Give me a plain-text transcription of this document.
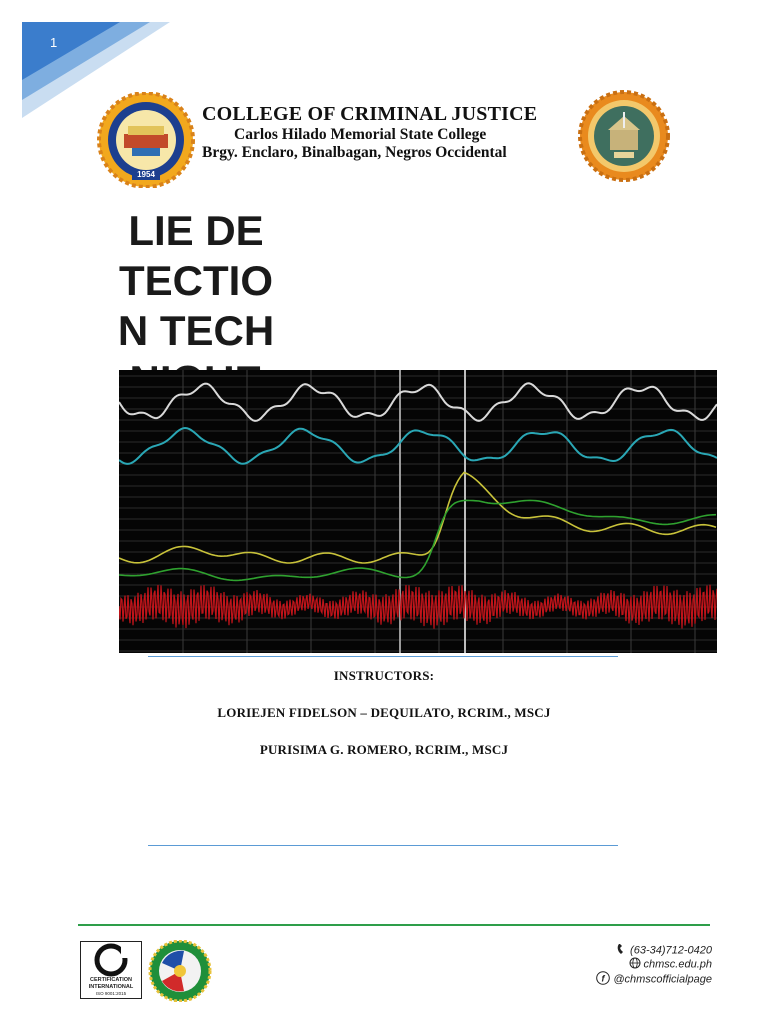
1
1954
COLLEGE OF CRIMINAL JUSTICE
Carlos Hilado Memorial State College
Brgy. Enclaro, Binalbagan, Negros Occidental
LIE DETECTION TECH
INSTRUCTORS:
LORIEJEN FIDELSON – DEQUILATO, RCRIM., MSCJ
PURISIMA G. ROMERO, RCRIM., MSCJ
CERTIFICATION
INTERNATIONAL
ISO 9001:2015
(63-34)712-0420
chmsc.edu.ph
f @chmscofficialpage
